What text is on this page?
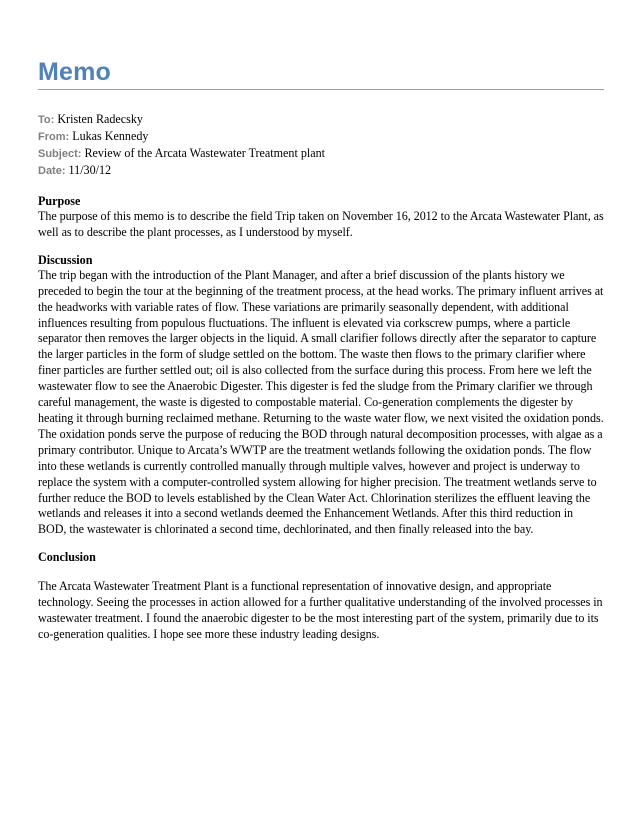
Memo
To: Kristen Radecsky
From: Lukas Kennedy
Subject: Review of the Arcata Wastewater Treatment plant
Date: 11/30/12
Purpose

The purpose of this memo is to describe the field Trip taken on November 16, 2012 to the Arcata Wastewater Plant, as well as to describe the plant processes, as I understood by myself.

Discussion

The trip began with the introduction of the Plant Manager, and after a brief discussion of the plants history we preceded to begin the tour at the beginning of the treatment process, at the head works. The primary influent arrives at the headworks with variable rates of flow. These variations are primarily seasonally dependent, with additional influences resulting from populous fluctuations. The influent is elevated via corkscrew pumps, where a particle separator then removes the larger objects in the liquid. A small clarifier follows directly after the separator to capture the larger particles in the form of sludge settled on the bottom. The waste then flows to the primary clarifier where finer particles are further settled out; oil is also collected from the surface during this process. From here we left the wastewater flow to see the Anaerobic Digester. This digester is fed the sludge from the Primary clarifier we through careful management, the waste is digested to compostable material. Co-generation complements the digester by heating it through burning reclaimed methane. Returning to the waste water flow, we next visited the oxidation ponds. The oxidation ponds serve the purpose of reducing the BOD through natural decomposition processes, with algae as a primary contributor. Unique to Arcata’s WWTP are the treatment wetlands following the oxidation ponds. The flow into these wetlands is currently controlled manually through multiple valves, however and project is underway to replace the system with a computer-controlled system allowing for higher precision. The treatment wetlands serve to further reduce the BOD to levels established by the Clean Water Act. Chlorination sterilizes the effluent leaving the wetlands and releases it into a second wetlands deemed the Enhancement Wetlands. After this third reduction in BOD, the wastewater is chlorinated a second time, dechlorinated, and then finally released into the bay.

Conclusion

The Arcata Wastewater Treatment Plant is a functional representation of innovative design, and appropriate technology. Seeing the processes in action allowed for a further qualitative understanding of the involved processes in wastewater treatment. I found the anaerobic digester to be the most interesting part of the system, primarily due to its co-generation qualities. I hope see more these industry leading designs.
